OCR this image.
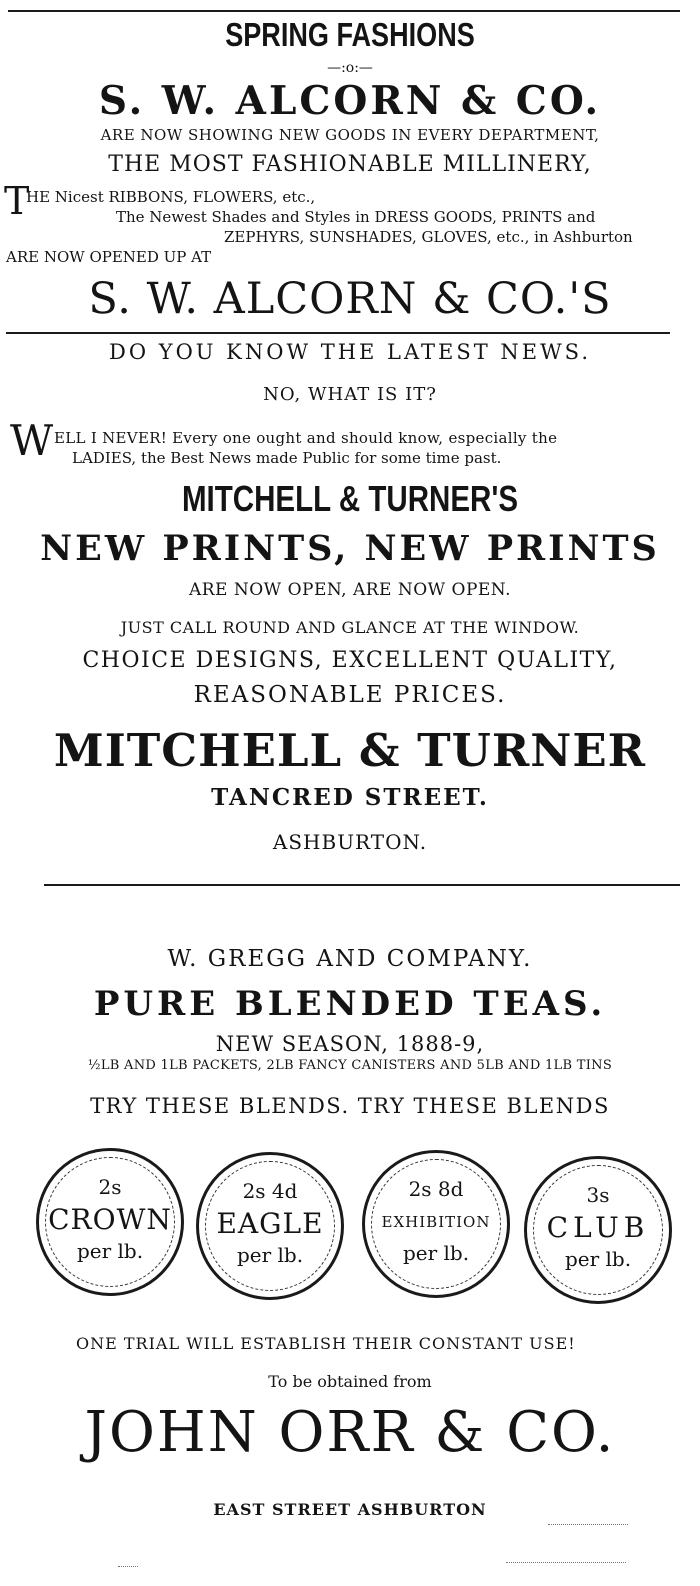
SPRING FASHIONS
—:o:—
S. W. ALCORN & CO.
ARE NOW SHOWING NEW GOODS IN EVERY DEPARTMENT,
THE MOST FASHIONABLE MILLINERY,
T
HE Nicest RIBBONS, FLOWERS, etc.,
The Newest Shades and Styles in DRESS GOODS, PRINTS and
ZEPHYRS, SUNSHADES, GLOVES, etc., in Ashburton
ARE NOW OPENED UP AT
S. W. ALCORN & CO.'S
DO YOU KNOW THE LATEST NEWS.
NO, WHAT IS IT?
W ELL I NEVER! Every one ought and should know, especially the
LADIES, the Best News made Public for some time past.
MITCHELL & TURNER'S
NEW PRINTS, NEW PRINTS
ARE NOW OPEN, ARE NOW OPEN.
JUST CALL ROUND AND GLANCE AT THE WINDOW.
CHOICE DESIGNS, EXCELLENT QUALITY,
REASONABLE PRICES.
MITCHELL & TURNER
TANCRED STREET.
ASHBURTON.
W. GREGG AND COMPANY.
PURE BLENDED TEAS.
NEW SEASON, 1888-9,
½LB AND 1LB PACKETS, 2LB FANCY CANISTERS AND 5LB AND 1LB TINS
TRY THESE BLENDS. TRY THESE BLENDS
2s
CROWN
per lb.
2s 4d
EAGLE
per lb.
2s 8d
EXHIBITION
per lb.
3s
CLUB
per lb.
ONE TRIAL WILL ESTABLISH THEIR CONSTANT USE!
To be obtained from
JOHN ORR & CO.
EAST STREET ASHBURTON
